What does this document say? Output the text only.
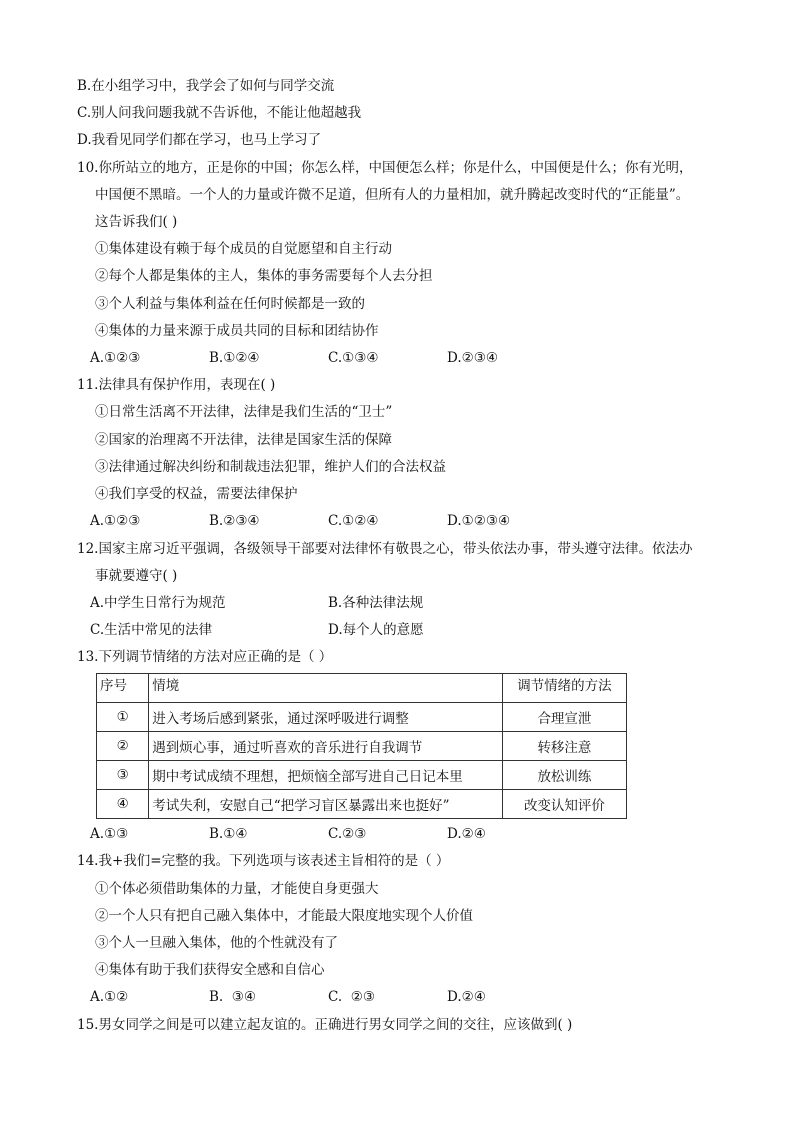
B.在小组学习中，我学会了如何与同学交流
C.别人问我问题我就不告诉他，不能让他超越我
D.我看见同学们都在学习，也马上学习了
10.你所站立的地方，正是你的中国；你怎么样，中国便怎么样；你是什么，中国便是什么；你有光明，
中国便不黑暗。一个人的力量或许微不足道，但所有人的力量相加，就升腾起改变时代的“正能量”。
这告诉我们( )
①集体建设有赖于每个成员的自觉愿望和自主行动
②每个人都是集体的主人，集体的事务需要每个人去分担
③个人利益与集体利益在任何时候都是一致的
④集体的力量来源于成员共同的目标和团结协作
A.①②③	B.①②④	C.①③④	D.②③④
11.法律具有保护作用，表现在( )
①日常生活离不开法律，法律是我们生活的“卫士”
②国家的治理离不开法律，法律是国家生活的保障
③法律通过解决纠纷和制裁违法犯罪，维护人们的合法权益
④我们享受的权益，需要法律保护
A.①②③	B.②③④	C.①②④	D.①②③④
12.国家主席习近平强调，各级领导干部要对法律怀有敬畏之心，带头依法办事，带头遵守法律。依法办
事就要遵守( )
A.中学生日常行为规范	B.各种法律法规
C.生活中常见的法律	D.每个人的意愿
13.下列调节情绪的方法对应正确的是（ ）
序号	情境	调节情绪的方法
①	进入考场后感到紧张，通过深呼吸进行调整	合理宣泄
②	遇到烦心事，通过听喜欢的音乐进行自我调节	转移注意
③	期中考试成绩不理想，把烦恼全部写进自己日记本里	放松训练
④	考试失利，安慰自己“把学习盲区暴露出来也挺好”	改变认知评价
A.①③	B.①④	C.②③	D.②④
14.我+我们=完整的我。下列选项与该表述主旨相符的是（ ）
①个体必须借助集体的力量，才能使自身更强大
②一个人只有把自己融入集体中，才能最大限度地实现个人价值
③个人一旦融入集体，他的个性就没有了
④集体有助于我们获得安全感和自信心
A.①②	B.  ③④	C.  ②③	D.②④
15.男女同学之间是可以建立起友谊的。正确进行男女同学之间的交往，应该做到( )
